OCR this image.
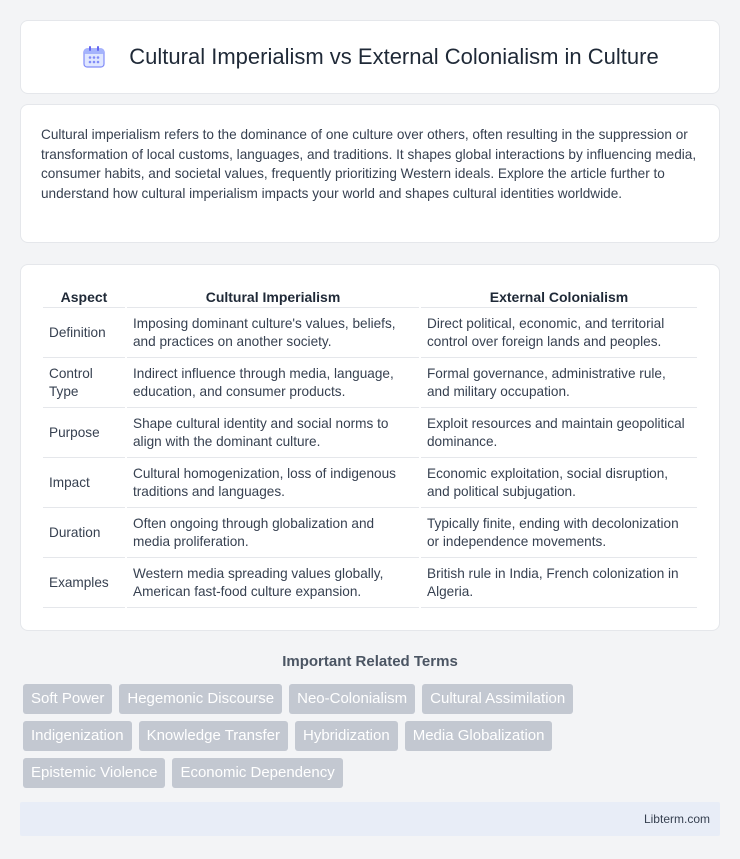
Cultural Imperialism vs External Colonialism in Culture

Cultural imperialism refers to the dominance of one culture over others, often resulting in the suppression or transformation of local customs, languages, and traditions. It shapes global interactions by influencing media, consumer habits, and societal values, frequently prioritizing Western ideals. Explore the article further to understand how cultural imperialism impacts your world and shapes cultural identities worldwide.

Aspect	Cultural Imperialism	External Colonialism
Definition	Imposing dominant culture's values, beliefs, and practices on another society.	Direct political, economic, and territorial control over foreign lands and peoples.
Control Type	Indirect influence through media, language, education, and consumer products.	Formal governance, administrative rule, and military occupation.
Purpose	Shape cultural identity and social norms to align with the dominant culture.	Exploit resources and maintain geopolitical dominance.
Impact	Cultural homogenization, loss of indigenous traditions and languages.	Economic exploitation, social disruption, and political subjugation.
Duration	Often ongoing through globalization and media proliferation.	Typically finite, ending with decolonization or independence movements.
Examples	Western media spreading values globally, American fast-food culture expansion.	British rule in India, French colonization in Algeria.
Important Related Terms
Soft Power	Hegemonic Discourse	Neo-Colonialism	Cultural Assimilation
Indigenization	Knowledge Transfer	Hybridization	Media Globalization
Epistemic Violence	Economic Dependency
Libterm.com
